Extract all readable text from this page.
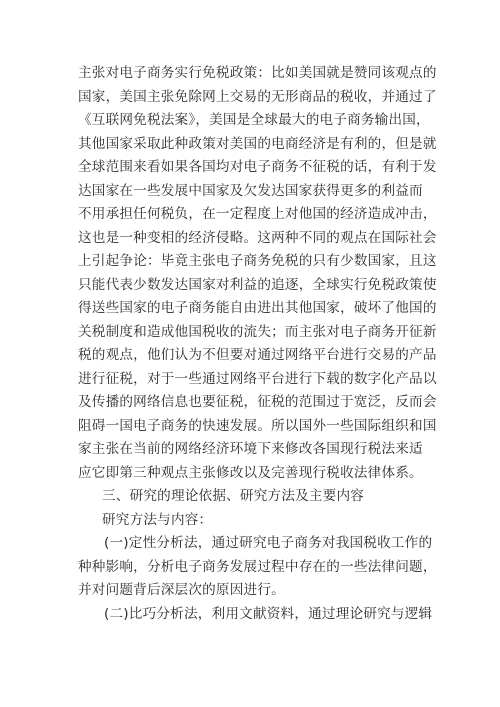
主张对电子商务实行免税政策：比如美国就是赞同该观点的
国家，美国主张免除网上交易的无形商品的税收，并通过了
《互联网免税法案》，美国是全球最大的电子商务输出国，
其他国家采取此种政策对美国的电商经济是有利的，但是就
全球范围来看如果各国均对电子商务不征税的话，有利于发
达国家在一些发展中国家及欠发达国家获得更多的利益而
不用承担任何税负，在一定程度上对他国的经济造成冲击，
这也是一种变相的经济侵略。这两种不同的观点在国际社会
上引起争论：毕竟主张电子商务免税的只有少数国家，且这
只能代表少数发达国家对利益的追逐，全球实行免税政策使
得送些国家的电子商务能自由进出其他国家，破坏了他国的
关税制度和造成他国税收的流失；而主张对电子商务开征新
税的观点，他们认为不但要对通过网络平台进行交易的产品
进行征税，对于一些通过网络平台进行下载的数字化产品以
及传播的网络信息也要征税，征税的范围过于宽泛，反而会
阻碍一国电子商务的快速发展。所以国外一些国际组织和国
家主张在当前的网络经济环境下来修改各国现行税法来适
应它即第三种观点主张修改以及完善现行税收法律体系。
三、研究的理论依据、研究方法及主要内容
研究方法与内容：
(一)定性分析法，通过研究电子商务对我国税收工作的
种种影响，分析电子商务发展过程中存在的一些法律问题，
并对问题背后深层次的原因进行。
(二)比巧分析法，利用文献资料，通过理论研究与逻辑
